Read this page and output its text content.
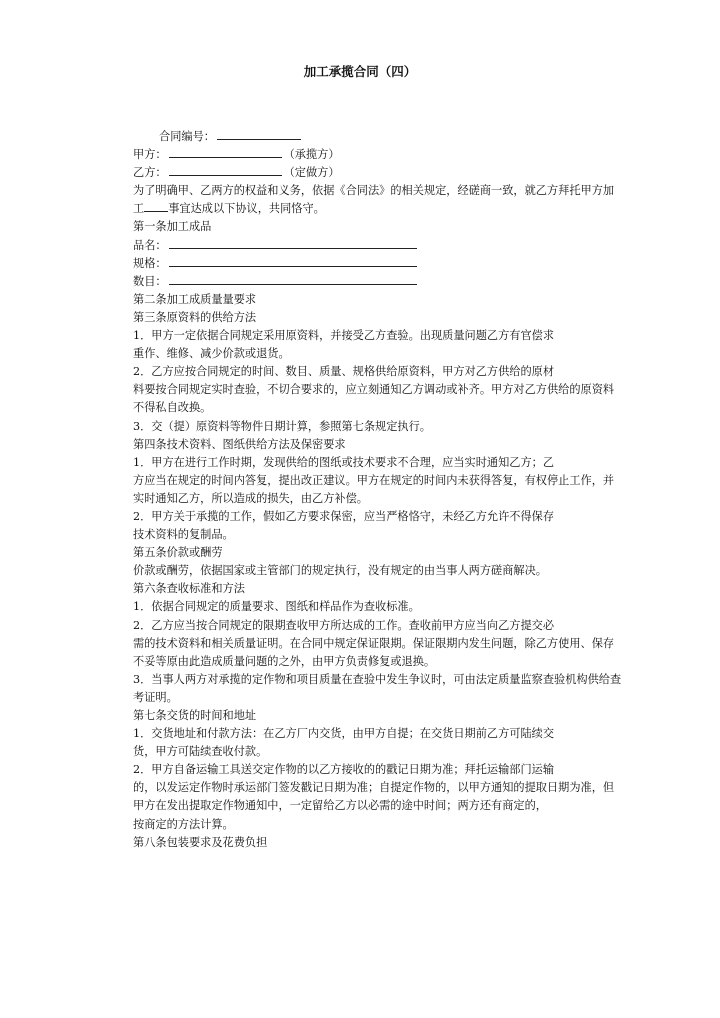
加工承揽合同（四）
合同编号：
甲方：	（承揽方）
乙方：	（定做方）
为了明确甲、乙两方的权益和义务，依据《合同法》的相关规定，经磋商一致，就乙方拜托甲方加
工 事宜达成以下协议，共同恪守。
第一条加工成品
品名：
规格：
数目：
第二条加工成质量量要求
第三条原资料的供给方法
1．甲方一定依据合同规定采用原资料，并接受乙方查验。出现质量问题乙方有官偿求
重作、维修、减少价款或退货。
2．乙方应按合同规定的时间、数目、质量、规格供给原资料，甲方对乙方供给的原材
料要按合同规定实时查验，不切合要求的，应立刻通知乙方调动或补齐。甲方对乙方供给的原资料
不得私自改换。
3．交（提）原资料等物件日期计算，参照第七条规定执行。
第四条技术资料、图纸供给方法及保密要求
1．甲方在进行工作时期，发现供给的图纸或技术要求不合理，应当实时通知乙方；乙
方应当在规定的时间内答复，提出改正建议。甲方在规定的时间内未获得答复，有权停止工作，并
实时通知乙方，所以造成的损失，由乙方补偿。
2．甲方关于承揽的工作，假如乙方要求保密，应当严格恪守，未经乙方允许不得保存
技术资料的复制品。
第五条价款或酬劳
价款或酬劳，依据国家或主管部门的规定执行，没有规定的由当事人两方磋商解决。
第六条查收标准和方法
1．依据合同规定的质量要求、图纸和样品作为查收标准。
2．乙方应当按合同规定的限期查收甲方所达成的工作。查收前甲方应当向乙方提交必
需的技术资料和相关质量证明。在合同中规定保证限期。保证限期内发生问题，除乙方使用、保存
不妥等原由此造成质量问题的之外，由甲方负责修复或退换。
3．当事人两方对承揽的定作物和项目质量在查验中发生争议时，可由法定质量监察查验机构供给查
考证明。
第七条交货的时间和地址
1．交货地址和付款方法：在乙方厂内交货，由甲方自提；在交货日期前乙方可陆续交
货，甲方可陆续查收付款。
2．甲方自备运输工具送交定作物的以乙方接收的的戳记日期为准；拜托运输部门运输
的，以发运定作物时承运部门签发戳记日期为准；自提定作物的，以甲方通知的提取日期为准，但
甲方在发出提取定作物通知中，一定留给乙方以必需的途中时间；两方还有商定的，
按商定的方法计算。
第八条包装要求及花费负担
